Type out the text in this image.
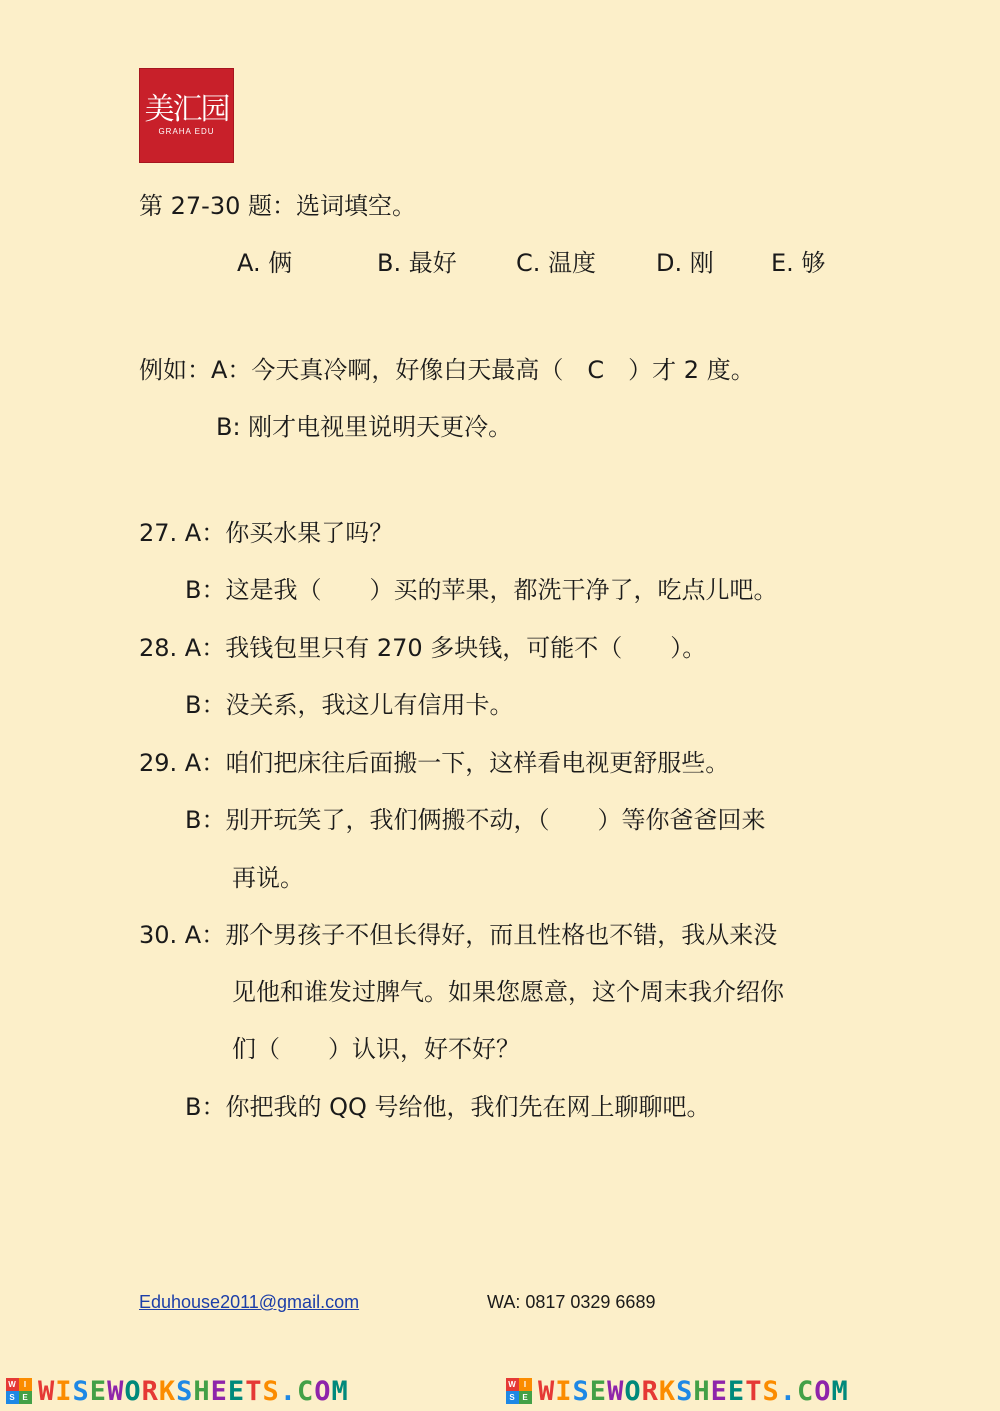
美汇园
GRAHA EDU
第 27-30 题：选词填空。
A. 俩	B. 最好 C. 温度 D. 刚 E. 够
例如：A：今天真冷啊，好像白天最高（　C　）才 2 度。
B: 刚才电视里说明天更冷。
27. A：你买水果了吗？
B：这是我（　　）买的苹果，都洗干净了，吃点儿吧。
28. A：我钱包里只有 270 多块钱，可能不（　　）。
B：没关系，我这儿有信用卡。
29. A：咱们把床往后面搬一下，这样看电视更舒服些。
B：别开玩笑了，我们俩搬不动，（　　）等你爸爸回来
再说。
30. A：那个男孩子不但长得好，而且性格也不错，我从来没
见他和谁发过脾气。如果您愿意，这个周末我介绍你
们（　　）认识，好不好？
B：你把我的 QQ 号给他，我们先在网上聊聊吧。
Eduhouse2011@gmail.com	WA: 0817 0329 6689
W I
S E WISEWORKSHEETS.COM	W I
S E WISEWORKSHEETS.COM
